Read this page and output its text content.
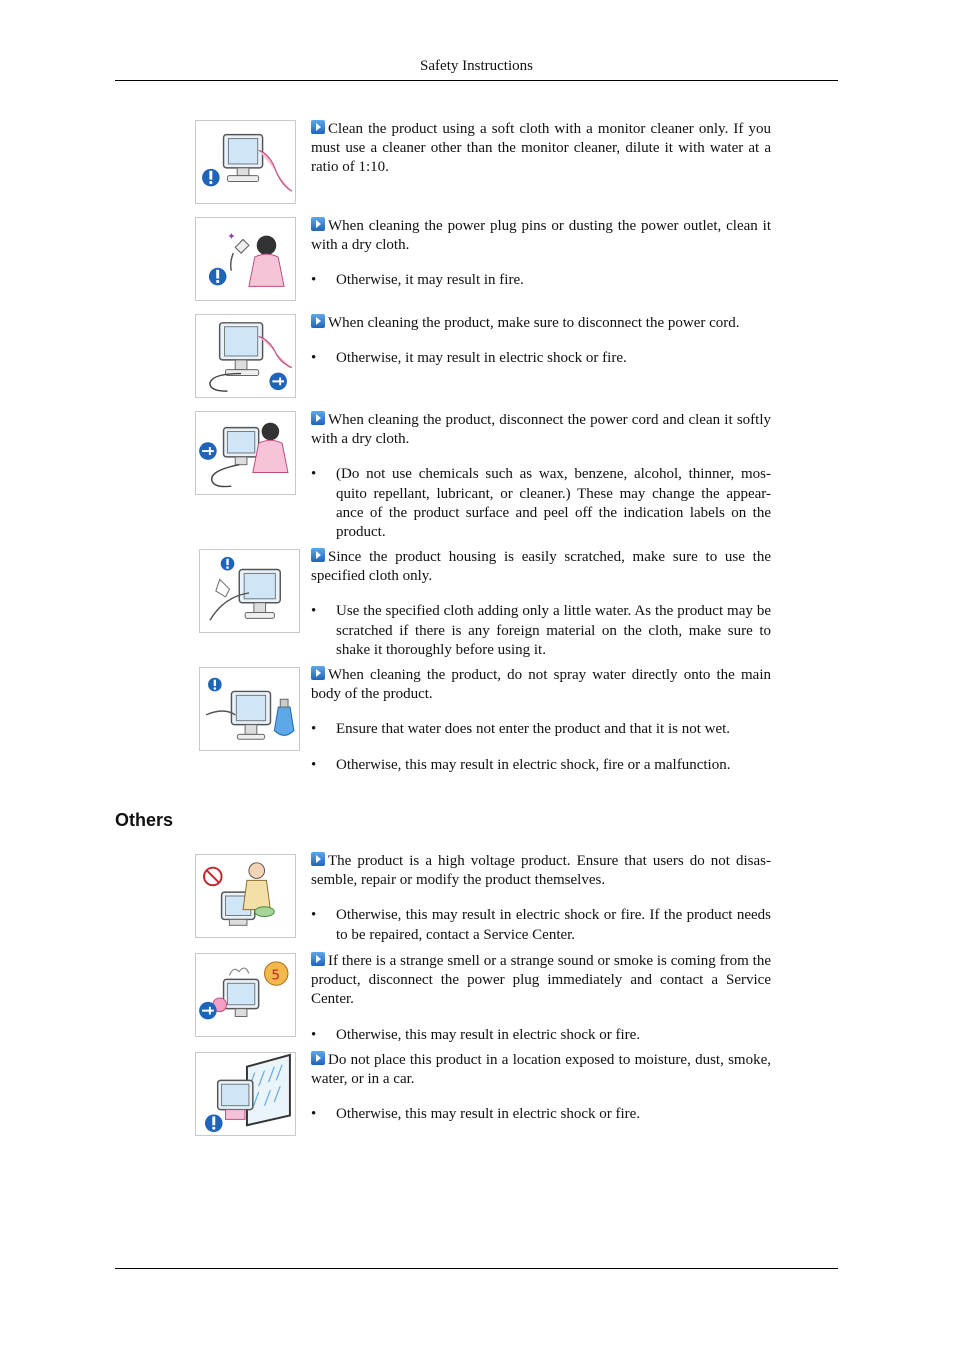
Safety Instructions

Clean the product using a soft cloth with a monitor cleaner only. If you must use a cleaner other than the monitor cleaner, dilute it with water at a ratio of 1:10.

✦

When cleaning the power plug pins or dusting the power outlet, clean it with a dry cloth.

• Otherwise, it may result in fire.

When cleaning the product, make sure to disconnect the power cord.

• Otherwise, it may result in electric shock or fire.

When cleaning the product, disconnect the power cord and clean it softly with a dry cloth.

• (Do not use chemicals such as wax, benzene, alcohol, thinner, mos-quito repellant, lubricant, or cleaner.) These may change the appear-ance of the product surface and peel off the indication labels on the product.

Since the product housing is easily scratched, make sure to use the specified cloth only.

• Use the specified cloth adding only a little water. As the product may be scratched if there is any foreign material on the cloth, make sure to shake it thoroughly before using it.

When cleaning the product, do not spray water directly onto the main body of the product.

• Ensure that water does not enter the product and that it is not wet.
• Otherwise, this may result in electric shock, fire or a malfunction.
Others

The product is a high voltage product. Ensure that users do not disas-semble, repair or modify the product themselves.

• Otherwise, this may result in electric shock or fire. If the product needs to be repaired, contact a Service Center.
5

If there is a strange smell or a strange sound or smoke is coming from the product, disconnect the power plug immediately and contact a Service Center.

• Otherwise, this may result in electric shock or fire.

Do not place this product in a location exposed to moisture, dust, smoke, water, or in a car.

• Otherwise, this may result in electric shock or fire.
